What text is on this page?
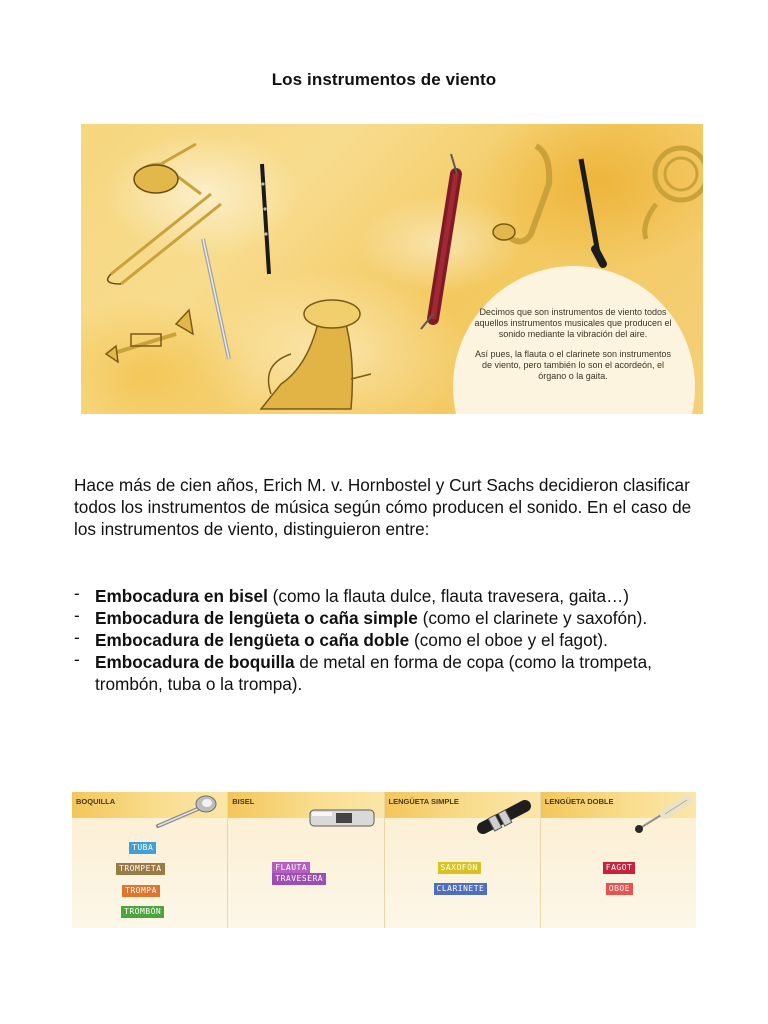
Los instrumentos de viento

Decimos que son instrumentos de viento todos aquellos instrumentos musicales que producen el sonido mediante la vibración del aire.

Así pues, la flauta o el clarinete son instrumentos de viento, pero también lo son el acordeón, el órgano o la gaita.

Hace más de cien años, Erich M. v. Hornbostel y Curt Sachs decidieron clasificar todos los instrumentos de música según cómo producen el sonido. En el caso de los instrumentos de viento, distinguieron entre:
- Embocadura en bisel (como la flauta dulce, flauta travesera, gaita…)
- Embocadura de lengüeta o caña simple (como el clarinete y saxofón).
- Embocadura de lengüeta o caña doble (como el oboe y el fagot).
- Embocadura de boquilla de metal en forma de copa (como la trompeta, trombón, tuba o la trompa).
BOQUILLA
TUBA
TROMPETA
TROMPA
TROMBÓN
BISEL
FLAUTA
TRAVESERA
LENGÜETA SIMPLE
SAXOFÓN
CLARINETE
LENGÜETA DOBLE
FAGOT
OBOE
